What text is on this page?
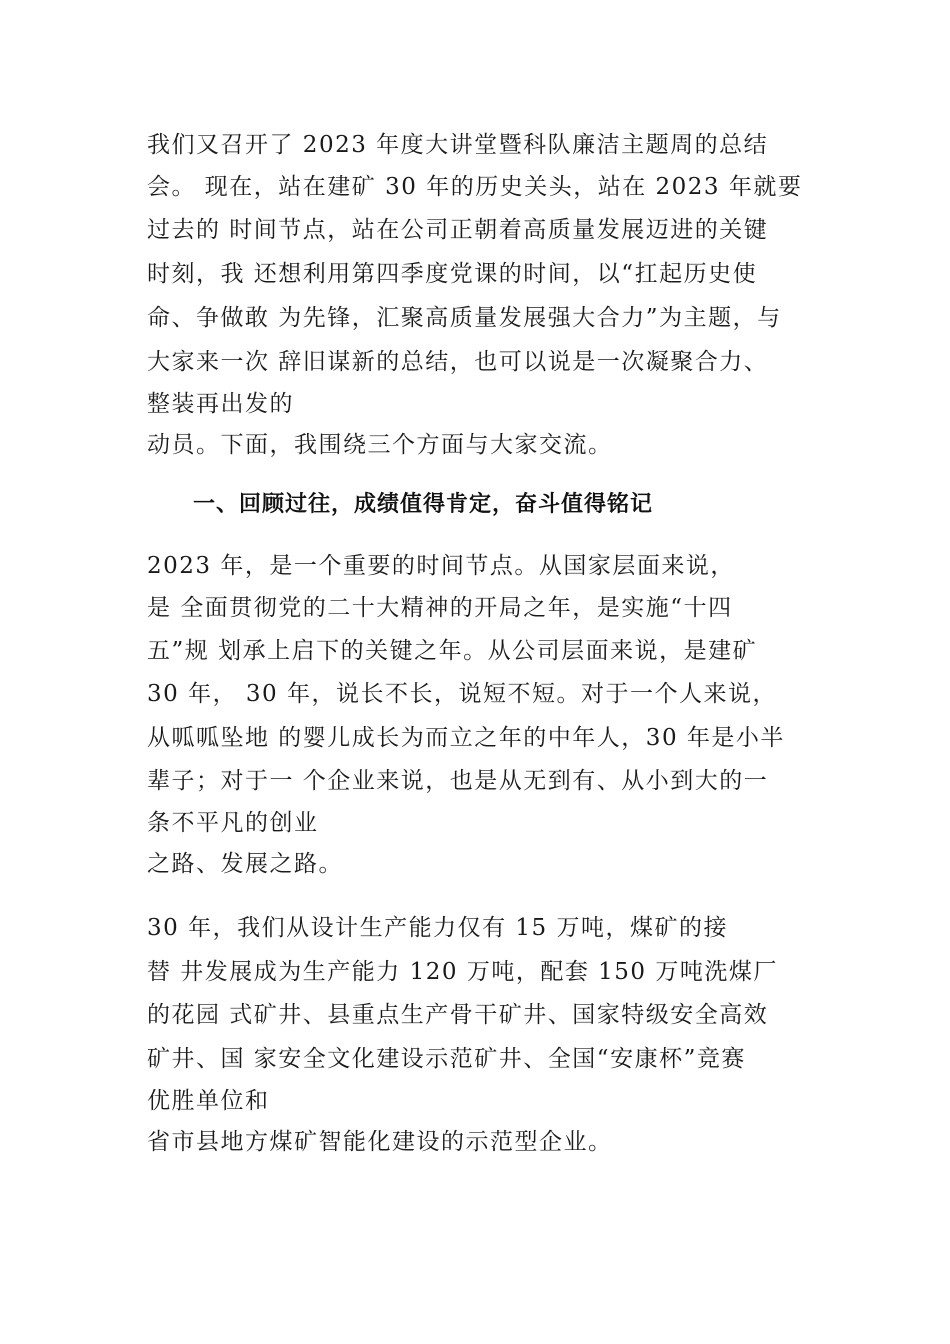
我们又召开了 2023 年度大讲堂暨科队廉洁主题周的总结
会。 现在，站在建矿 30 年的历史关头，站在 2023 年就要
过去的 时间节点，站在公司正朝着高质量发展迈进的关键
时刻，我 还想利用第四季度党课的时间，以“扛起历史使
命、争做敢 为先锋，汇聚高质量发展强大合力”为主题，与
大家来一次 辞旧谋新的总结，也可以说是一次凝聚合力、
整装再出发的
动员。下面，我围绕三个方面与大家交流。
一、回顾过往，成绩值得肯定，奋斗值得铭记
2023 年，是一个重要的时间节点。从国家层面来说，
是 全面贯彻党的二十大精神的开局之年，是实施“十四
五”规 划承上启下的关键之年。从公司层面来说，是建矿
30 年， 30 年，说长不长，说短不短。对于一个人来说，
从呱呱坠地 的婴儿成长为而立之年的中年人，30 年是小半
辈子；对于一 个企业来说，也是从无到有、从小到大的一
条不平凡的创业
之路、发展之路。
30 年，我们从设计生产能力仅有 15 万吨，煤矿的接
替 井发展成为生产能力 120 万吨，配套 150 万吨洗煤厂
的花园 式矿井、县重点生产骨干矿井、国家特级安全高效
矿井、国 家安全文化建设示范矿井、全国“安康杯”竞赛
优胜单位和
省市县地方煤矿智能化建设的示范型企业。
